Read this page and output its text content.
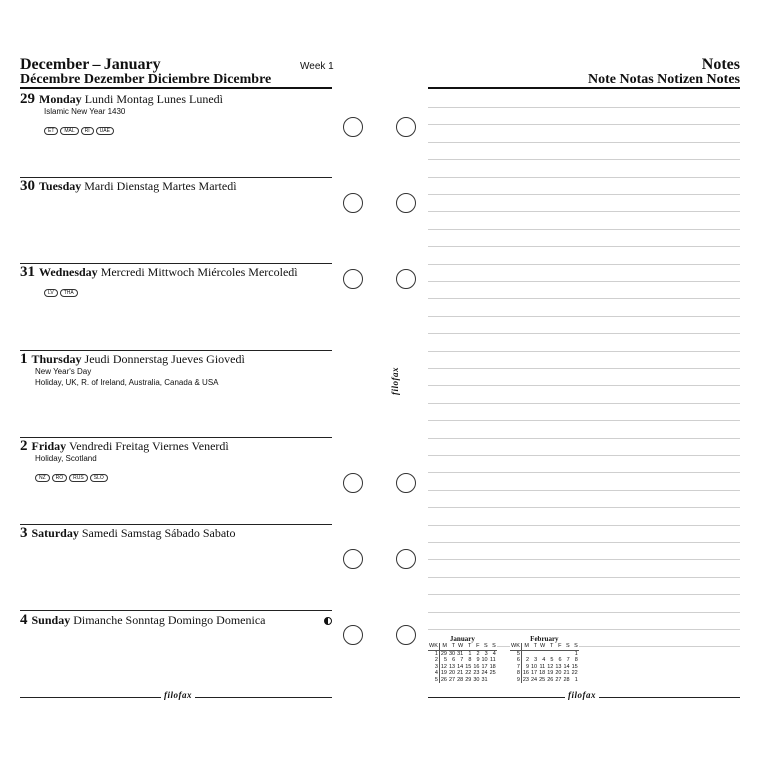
December – January	Week 1
Décembre Dezember Diciembre Dicembre
Notes
Note Notas Notizen Notes
29 Monday Lundi Montag Lunes Lunedì
Islamic New Year 1430
ET MAL RI UAE
30 Tuesday Mardi Dienstag Martes Martedì
31 Wednesday Mercredi Mittwoch Miércoles Mercoledì
LV THA
1 Thursday Jeudi Donnerstag Jueves Giovedì
New Year's Day
Holiday, UK, R. of Ireland, Australia, Canada & USA
2 Friday Vendredi Freitag Viernes Venerdì
Holiday, Scotland
NZ RO RUS SLO
3 Saturday Samedi Samstag Sábado Sabato
4 Sunday Dimanche Sonntag Domingo Domenica
filofax	filofax
filofax
January
WK	M	T	W	T	F	S	S
1	29	30	31	1	2	3	4
2	5	6	7	8	9	10	11
3	12	13	14	15	16	17	18
4	19	20	21	22	23	24	25
5	26	27	28	29	30	31	
February
WK	M	T	W	T	F	S	S
5							1
6	2	3	4	5	6	7	8
7	9	10	11	12	13	14	15
8	16	17	18	19	20	21	22
9	23	24	25	26	27	28	1
